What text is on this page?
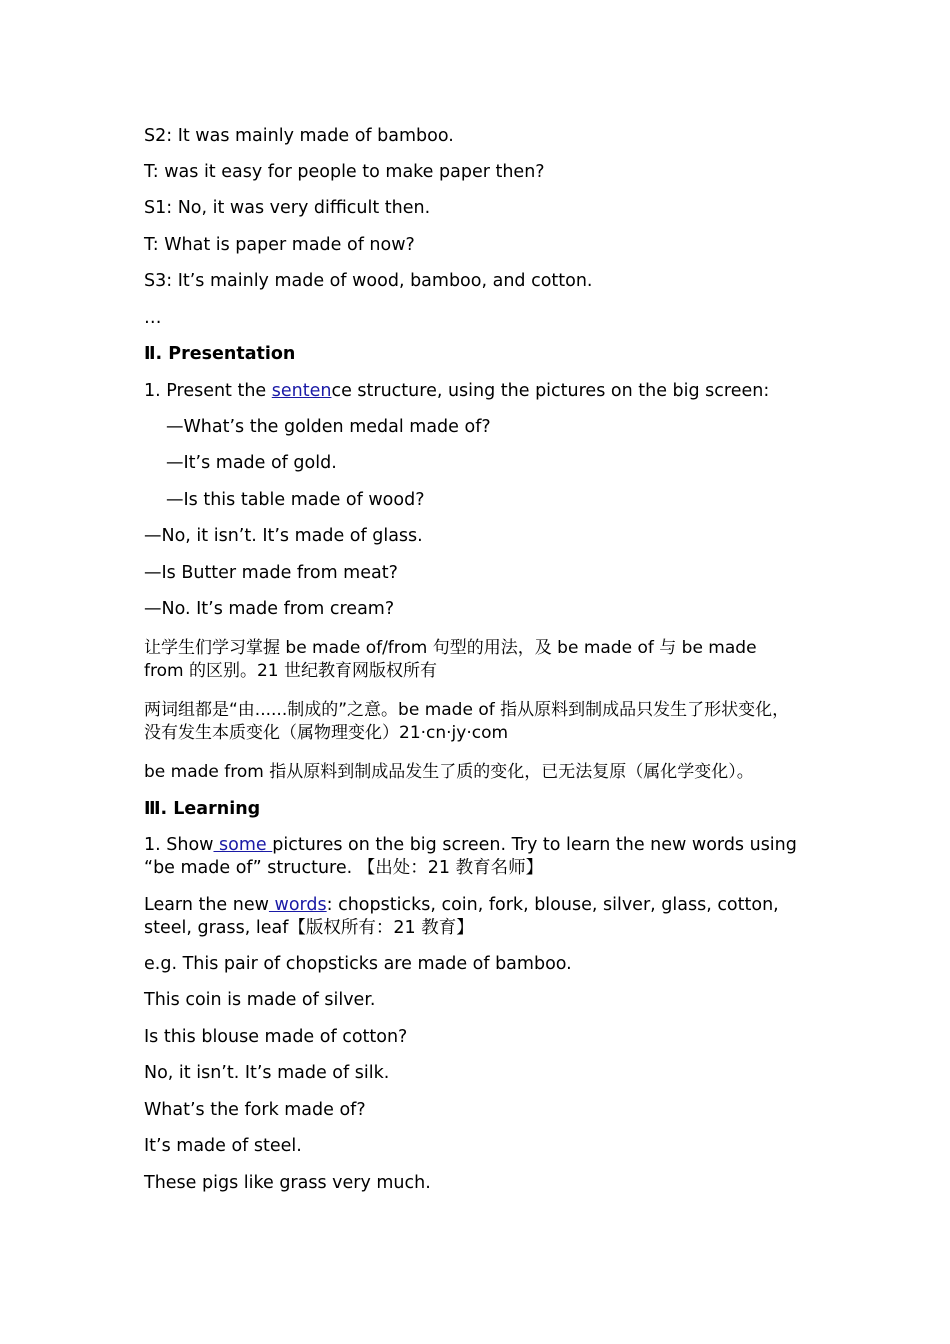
S2: It was mainly made of bamboo.
T: was it easy for people to make paper then?
S1: No, it was very difficult then.
T: What is paper made of now?
S3: It’s mainly made of wood, bamboo, and cotton.
…
Ⅱ. Presentation
1. Present the sentence structure, using the pictures on the big screen:
—What’s the golden medal made of?
—It’s made of gold.
—Is this table made of wood?
—No, it isn’t. It’s made of glass.
—Is Butter made from meat?
—No. It’s made from cream?
让学生们学习掌握 be made of/from 句型的用法，及 be made of 与 be made
from 的区别。21 世纪教育网版权所有
两词组都是“由......制成的”之意。be made of 指从原料到制成品只发生了形状变化，
没有发生本质变化（属物理变化）21·cn·jy·com
be made from 指从原料到制成品发生了质的变化，已无法复原（属化学变化）。
Ⅲ. Learning
1. Show some pictures on the big screen. Try to learn the new words using
“be made of” structure. 【出处：21 教育名师】
Learn the new words: chopsticks, coin, fork, blouse, silver, glass, cotton,
steel, grass, leaf【版权所有：21 教育】
e.g. This pair of chopsticks are made of bamboo.
This coin is made of silver.
Is this blouse made of cotton?
No, it isn’t. It’s made of silk.
What’s the fork made of?
It’s made of steel.
These pigs like grass very much.
